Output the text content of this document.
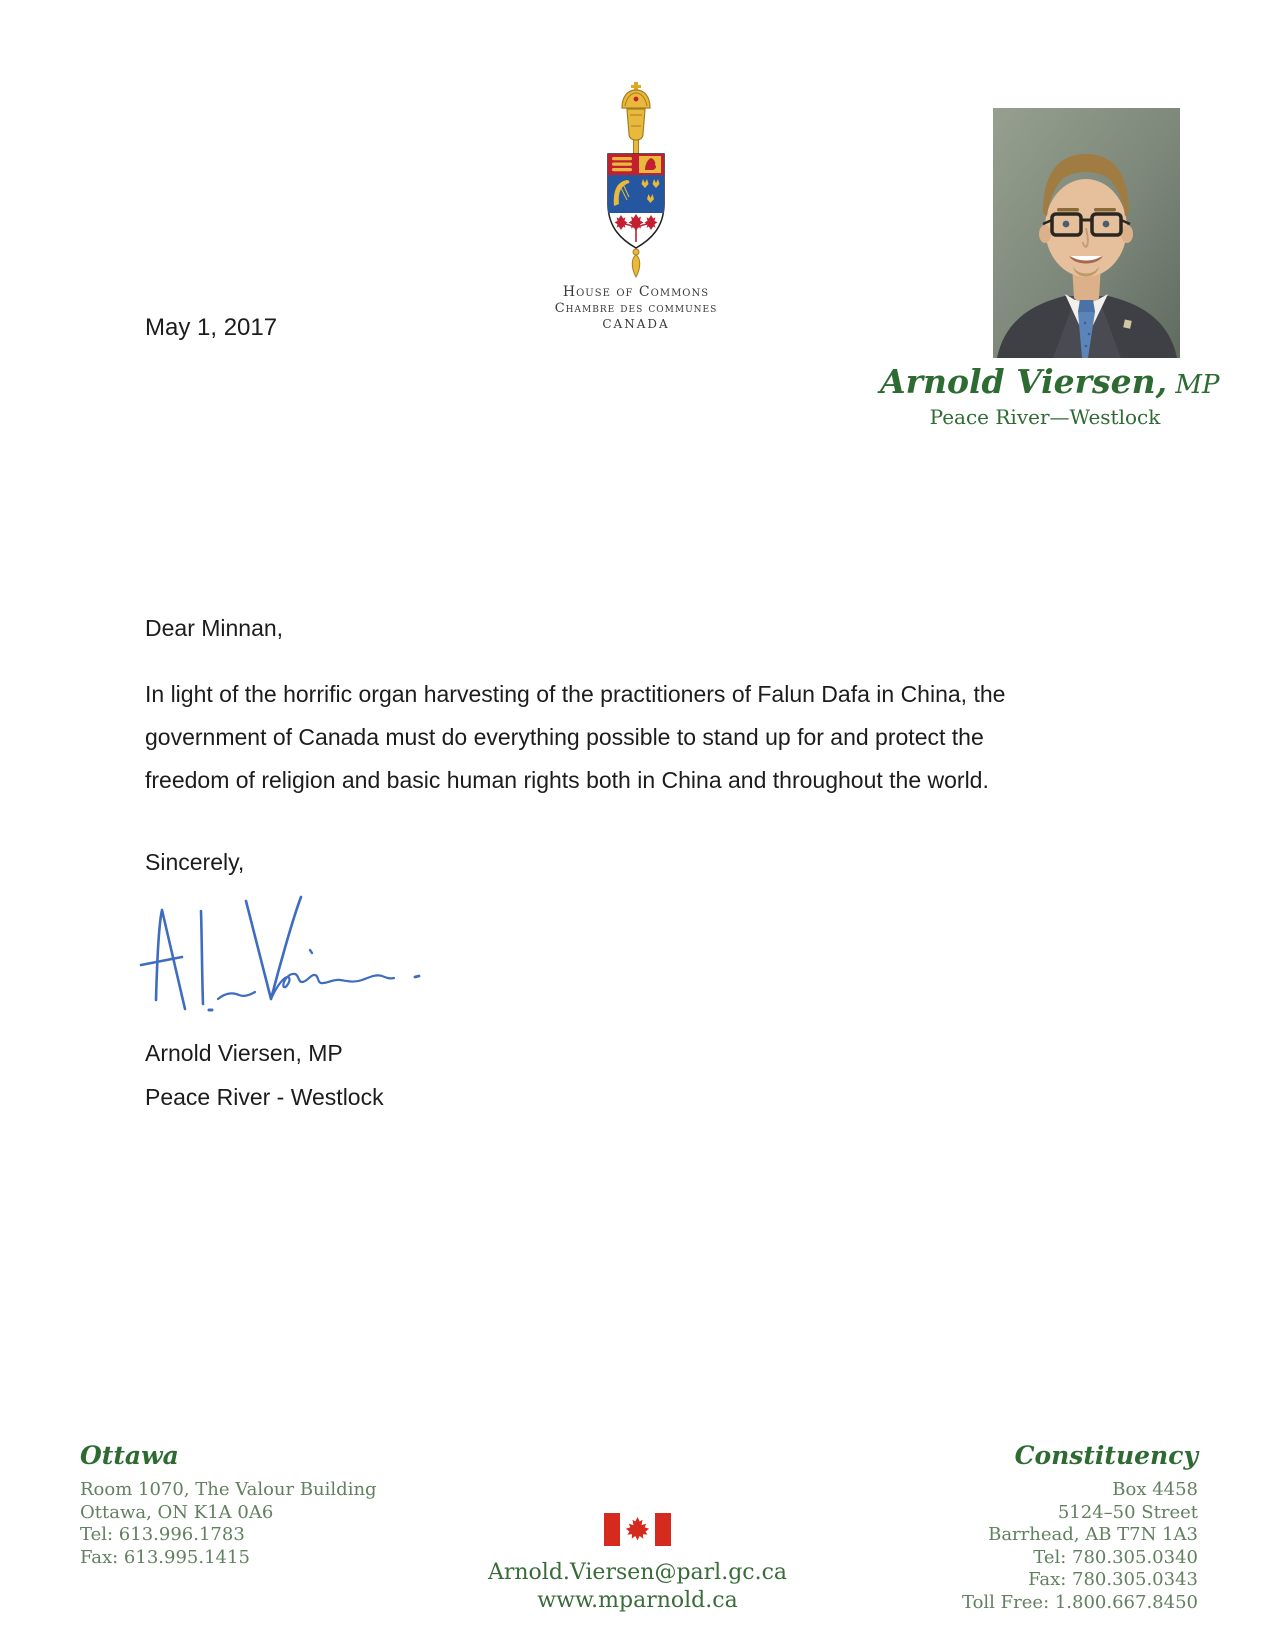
House of Commons
Chambre des communes
CANADA
Arnold Viersen, MP
Peace River—Westlock
May 1, 2017
Dear Minnan,
In light of the horrific organ harvesting of the practitioners of Falun Dafa in China, the
government of Canada must do everything possible to stand up for and protect the
freedom of religion and basic human rights both in China and throughout the world.
Sincerely,
Arnold Viersen, MP
Peace River - Westlock
Ottawa
Room 1070, The Valour Building
Ottawa, ON K1A 0A6
Tel: 613.996.1783
Fax: 613.995.1415
Constituency
Box 4458
5124–50 Street
Barrhead, AB T7N 1A3
Tel: 780.305.0340
Fax: 780.305.0343
Toll Free: 1.800.667.8450
Arnold.Viersen@parl.gc.ca
www.mparnold.ca
